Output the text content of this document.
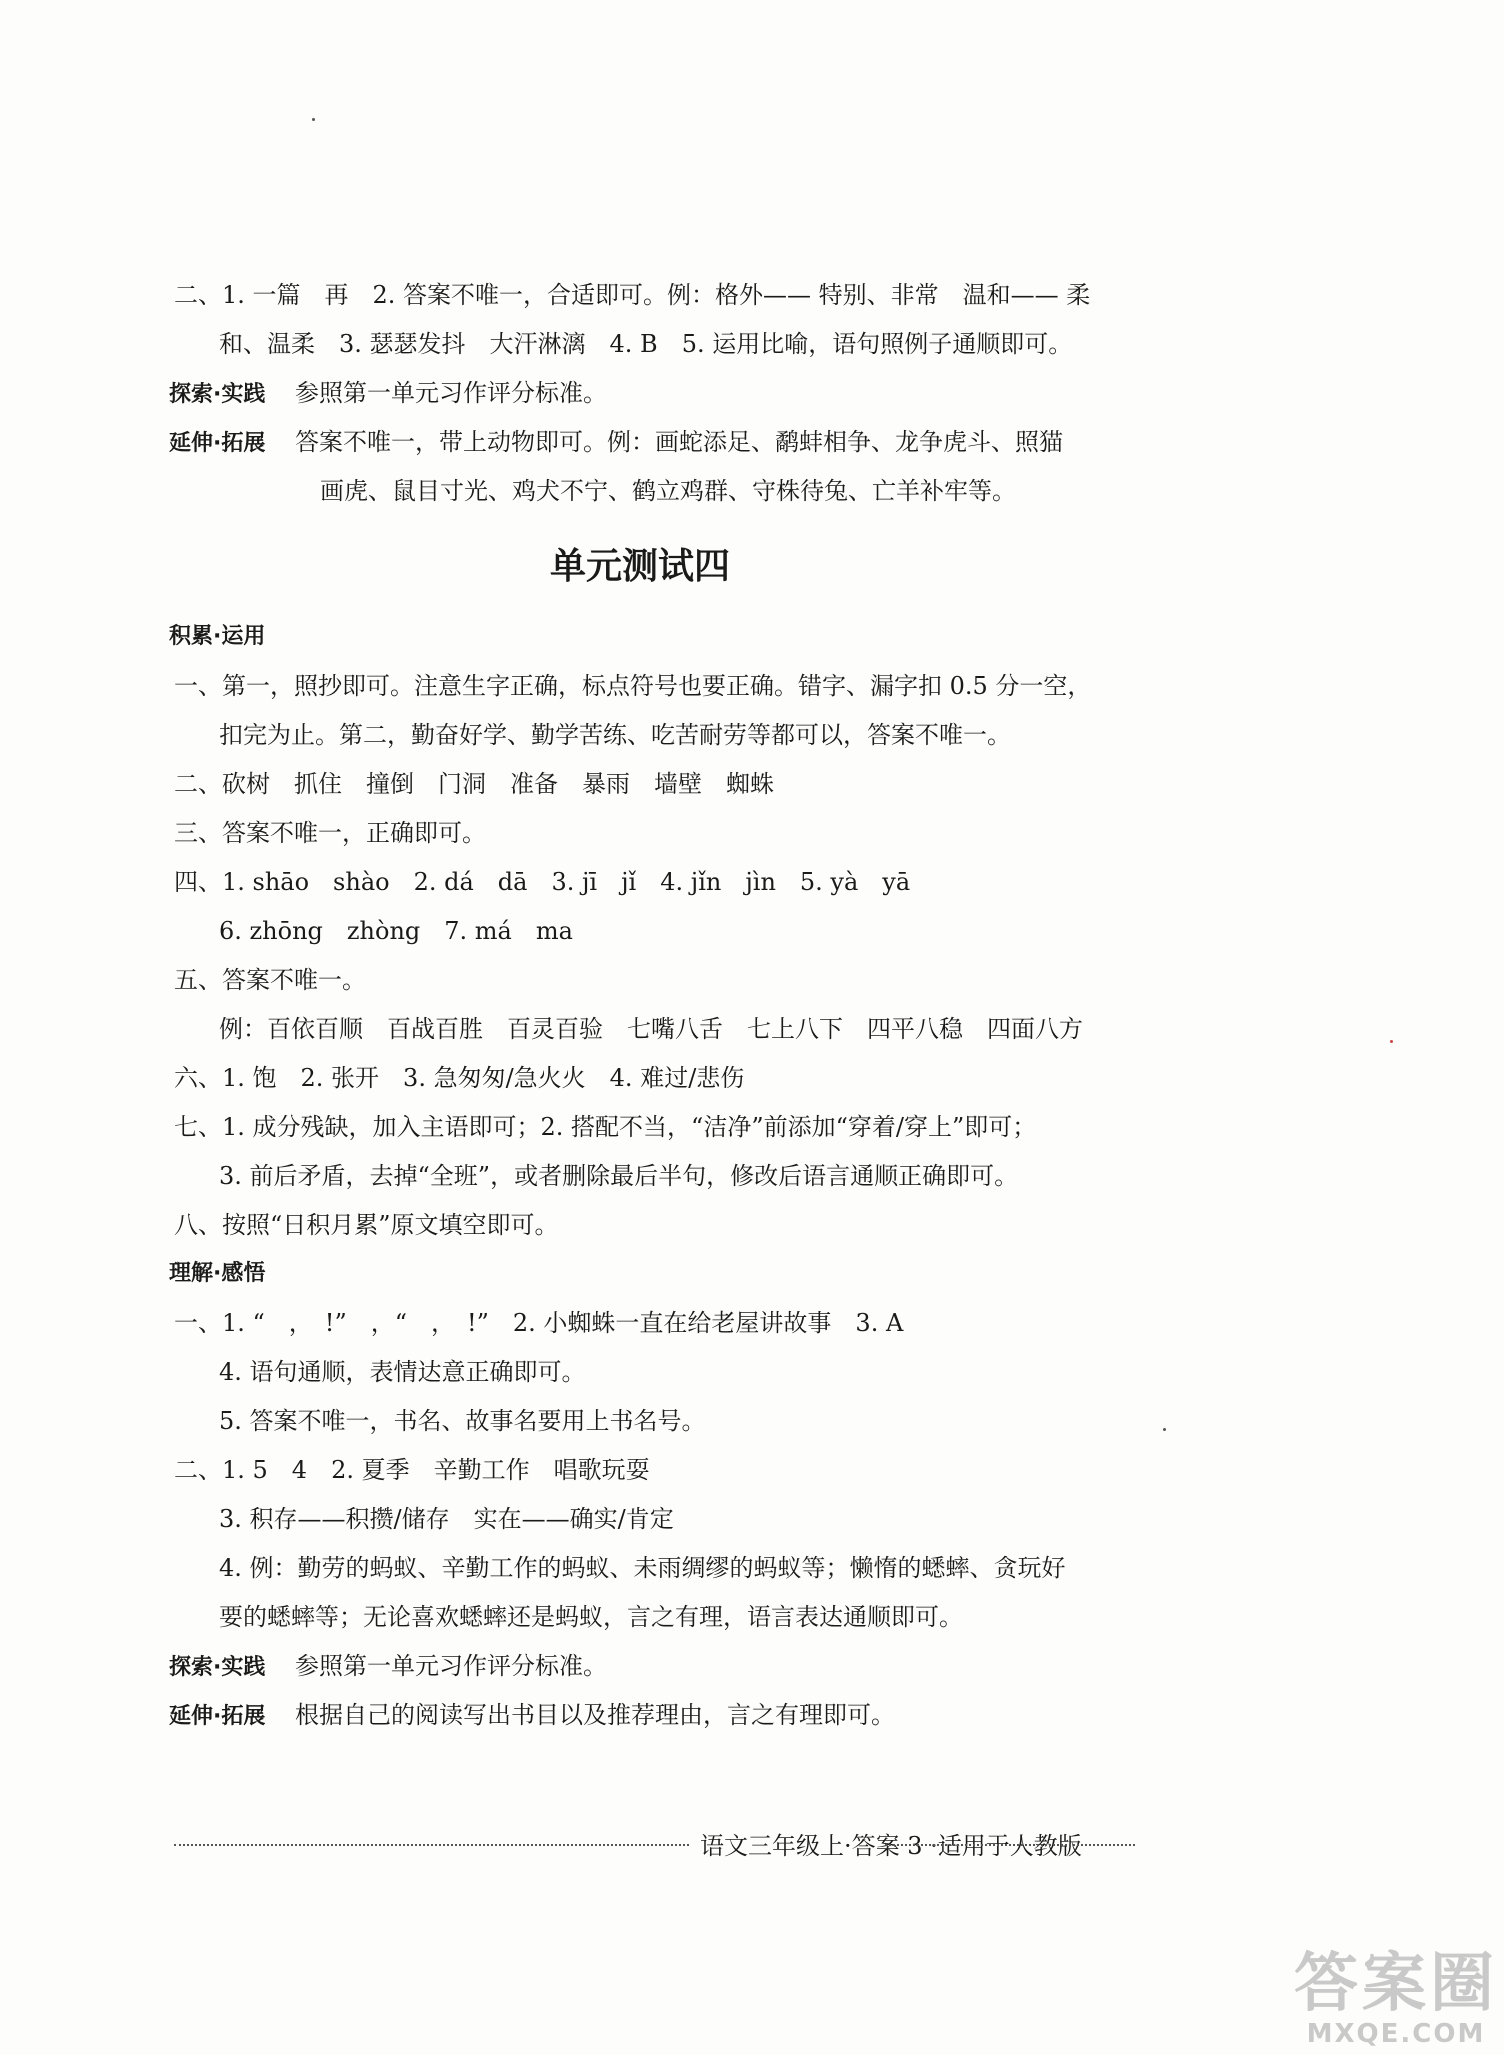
二、1. 一篇　再　2. 答案不唯一，合适即可。例：格外—— 特别、非常　温和—— 柔
和、温柔　3. 瑟瑟发抖　大汗淋漓　4. B　5. 运用比喻，语句照例子通顺即可。
探索·实践 参照第一单元习作评分标准。
延伸·拓展 答案不唯一，带上动物即可。例：画蛇添足、鹬蚌相争、龙争虎斗、照猫
画虎、鼠目寸光、鸡犬不宁、鹤立鸡群、守株待兔、亡羊补牢等。
单元测试四
积累·运用
一、第一，照抄即可。注意生字正确，标点符号也要正确。错字、漏字扣 0.5 分一空，
扣完为止。第二，勤奋好学、勤学苦练、吃苦耐劳等都可以，答案不唯一。
二、砍树　抓住　撞倒　门洞　准备　暴雨　墙壁　蜘蛛
三、答案不唯一，正确即可。
四、1. shāo　shào　2. dá　dā　3. jī　jǐ　4. jǐn　jìn　5. yà　yā
6. zhōng　zhòng　7. má　ma
五、答案不唯一。
例：百依百顺　百战百胜　百灵百验　七嘴八舌　七上八下　四平八稳　四面八方
六、1. 饱　2. 张开　3. 急匆匆/急火火　4. 难过/悲伤
七、1. 成分残缺，加入主语即可；2. 搭配不当，“洁净”前添加“穿着/穿上”即可；
3. 前后矛盾，去掉“全班”，或者删除最后半句，修改后语言通顺正确即可。
八、按照“日积月累”原文填空即可。
理解·感悟
一、1. “　，　!”　，“　，　!”　2. 小蜘蛛一直在给老屋讲故事　3. A
4. 语句通顺，表情达意正确即可。
5. 答案不唯一，书名、故事名要用上书名号。
二、1. 5　4　2. 夏季　辛勤工作　唱歌玩耍
3. 积存——积攒/储存　实在——确实/肯定
4. 例：勤劳的蚂蚁、辛勤工作的蚂蚁、未雨绸缪的蚂蚁等；懒惰的蟋蟀、贪玩好
要的蟋蟀等；无论喜欢蟋蟀还是蚂蚁，言之有理，语言表达通顺即可。
探索·实践 参照第一单元习作评分标准。
延伸·拓展 根据自己的阅读写出书目以及推荐理由，言之有理即可。
语文三年级上·答案 3 ·适用于人教版
答案圈
MXQE.COM
